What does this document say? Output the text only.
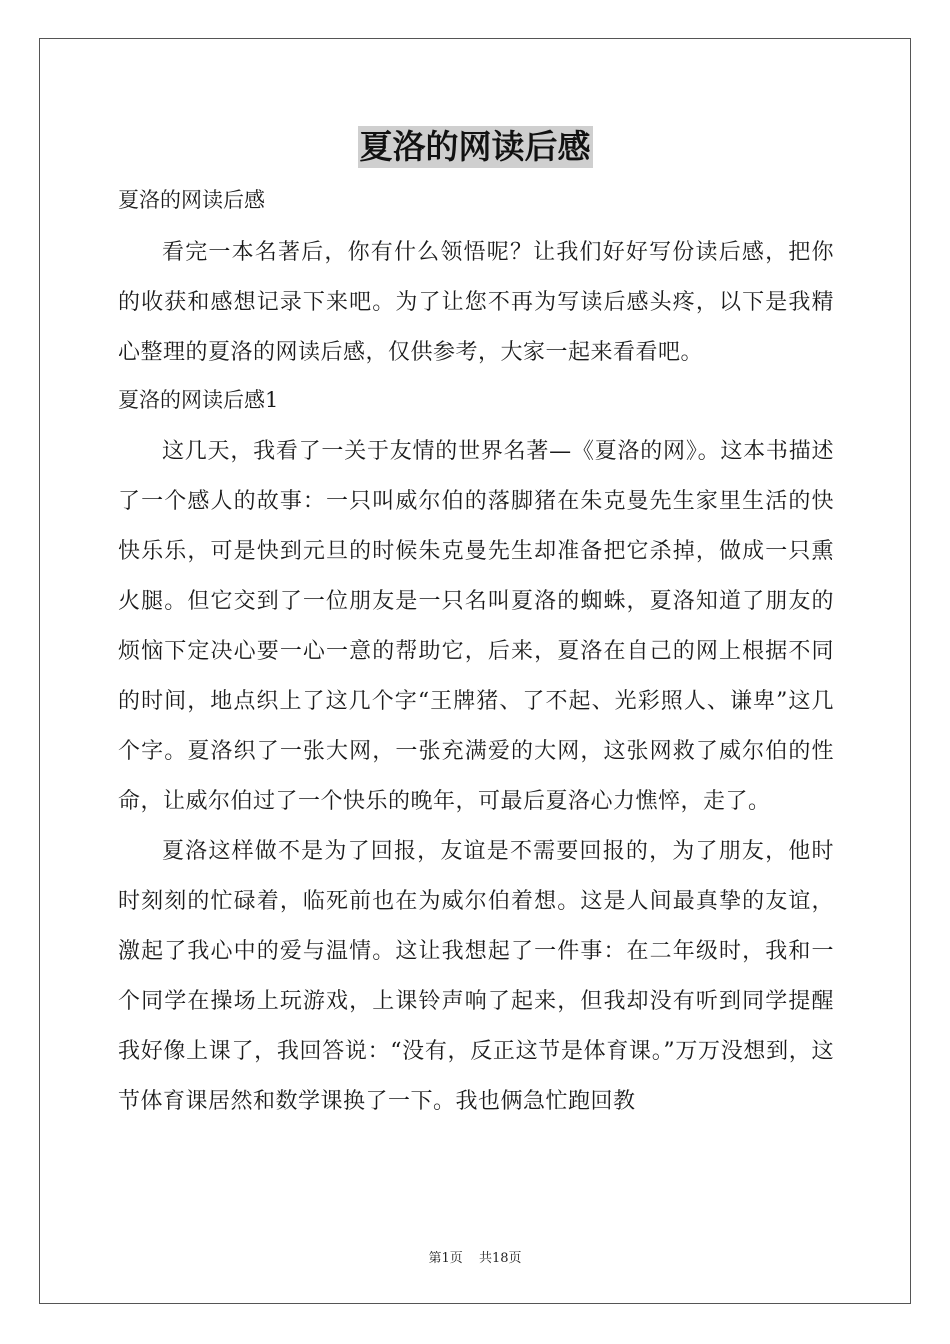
夏洛的网读后感

夏洛的网读后感

看完一本名著后，你有什么领悟呢？让我们好好写份读后感，把你的收获和感想记录下来吧。为了让您不再为写读后感头疼，以下是我精心整理的夏洛的网读后感，仅供参考，大家一起来看看吧。

夏洛的网读后感1

这几天，我看了一关于友情的世界名著—《夏洛的网》。这本书描述了一个感人的故事：一只叫威尔伯的落脚猪在朱克曼先生家里生活的快快乐乐，可是快到元旦的时候朱克曼先生却准备把它杀掉，做成一只熏火腿。但它交到了一位朋友是一只名叫夏洛的蜘蛛，夏洛知道了朋友的烦恼下定决心要一心一意的帮助它，后来，夏洛在自己的网上根据不同的时间，地点织上了这几个字“王牌猪、了不起、光彩照人、谦卑”这几个字。夏洛织了一张大网，一张充满爱的大网，这张网救了威尔伯的性命，让威尔伯过了一个快乐的晚年，可最后夏洛心力憔悴，走了。

夏洛这样做不是为了回报，友谊是不需要回报的，为了朋友，他时时刻刻的忙碌着，临死前也在为威尔伯着想。这是人间最真挚的友谊，激起了我心中的爱与温情。这让我想起了一件事：在二年级时，我和一个同学在操场上玩游戏，上课铃声响了起来，但我却没有听到同学提醒我好像上课了，我回答说：“没有，反正这节是体育课。”万万没想到，这节体育课居然和数学课换了一下。我也俩急忙跑回教

第1页 共18页
